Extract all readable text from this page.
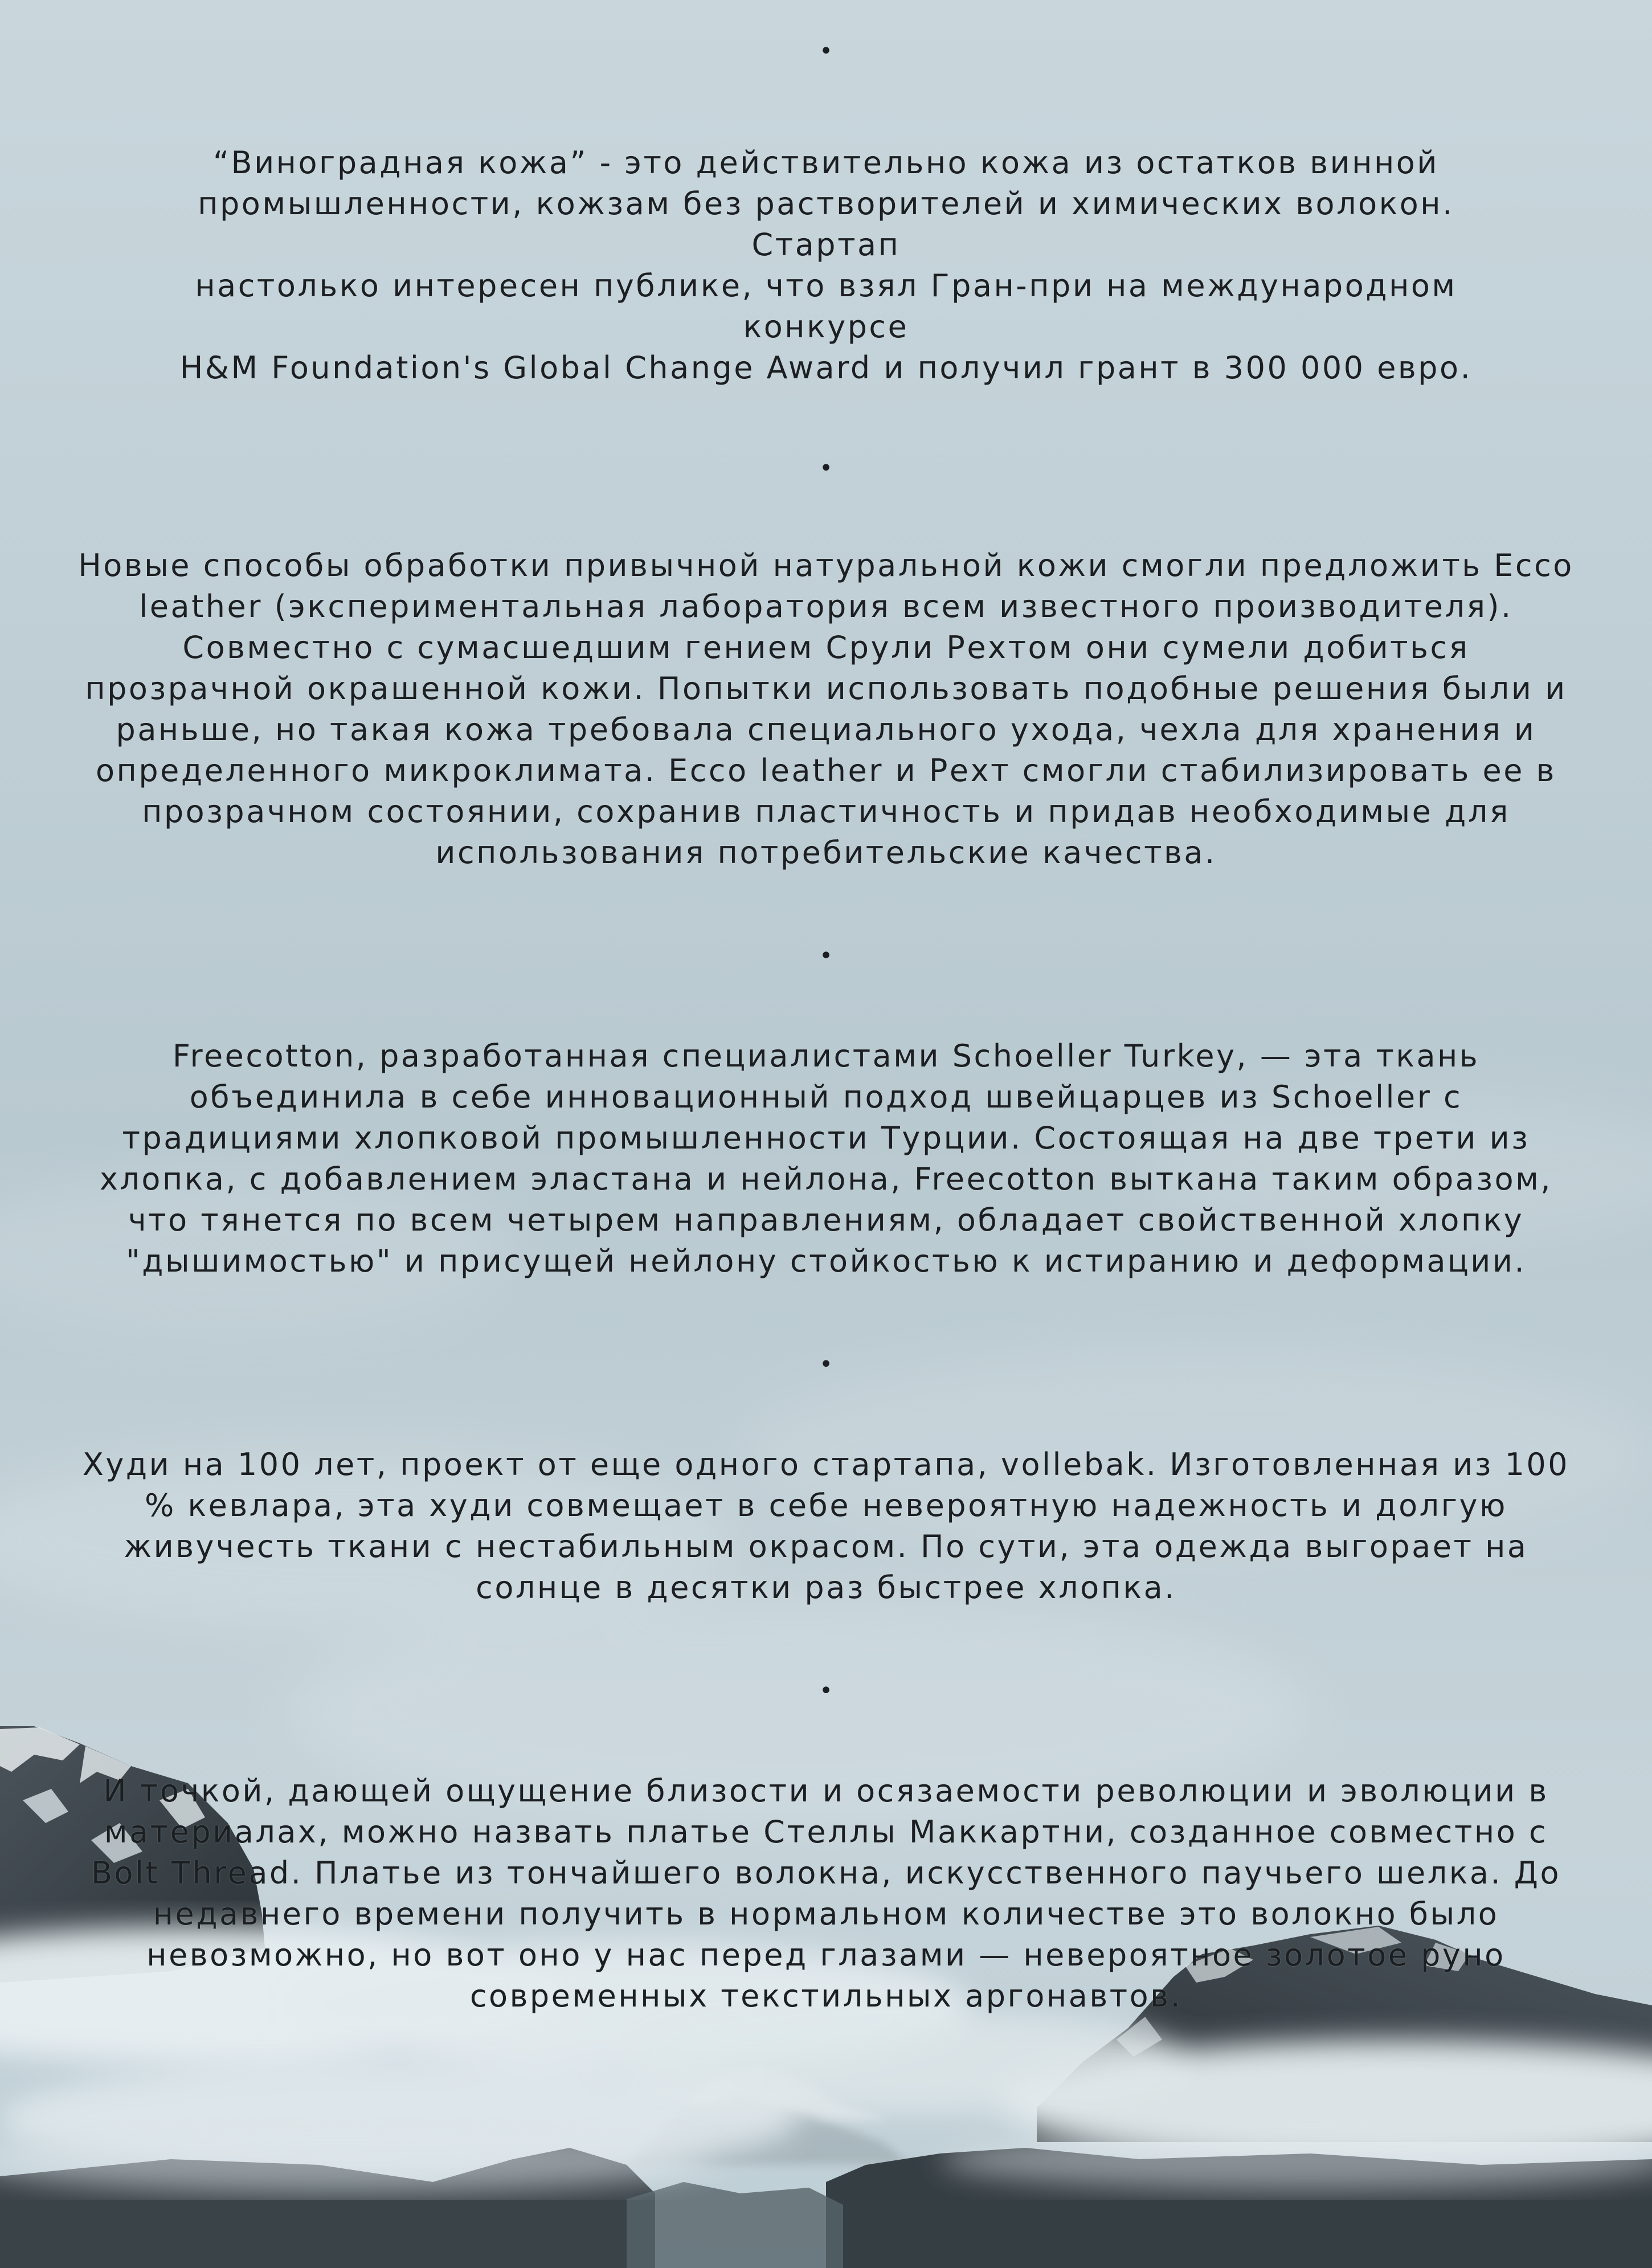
•

“Виноградная кожа” - это действительно кожа из остатков винной
промышленности, кожзам без растворителей и химических волокон. Стартап
настолько интересен публике, что взял Гран-при на международном конкурсе
H&M Foundation's Global Change Award и получил грант в 300 000 евро.

•

Новые способы обработки привычной натуральной кожи смогли предложить Ecco
leather (экспериментальная лаборатория всем известного производителя).
Совместно с сумасшедшим гением Срули Рехтом они сумели добиться
прозрачной окрашенной кожи. Попытки использовать подобные решения были и
раньше, но такая кожа требовала специального ухода, чехла для хранения и
определенного микроклимата. Ecco leather и Рехт смогли стабилизировать ее в
прозрачном состоянии, сохранив пластичность и придав необходимые для
использования потребительские качества.

•

Freecotton, разработанная специалистами Schoeller Turkey, — эта ткань
объединила в себе инновационный подход швейцарцев из Schoeller с
традициями хлопковой промышленности Турции. Состоящая на две трети из
хлопка, с добавлением эластана и нейлона, Freecotton выткана таким образом,
что тянется по всем четырем направлениям, обладает свойственной хлопку
"дышимостью" и присущей нейлону стойкостью к истиранию и деформации.

•

Худи на 100 лет, проект от еще одного стартапа, vollebak. Изготовленная из 100
% кевлара, эта худи совмещает в себе невероятную надежность и долгую
живучесть ткани с нестабильным окрасом. По сути, эта одежда выгорает на
солнце в десятки раз быстрее хлопка.

•

И точкой, дающей ощущение близости и осязаемости революции и эволюции в
материалах, можно назвать платье Стеллы Маккартни, созданное совместно с
Bolt Thread. Платье из тончайшего волокна, искусственного паучьего шелка. До
недавнего времени получить в нормальном количестве это волокно было
невозможно, но вот оно у нас перед глазами — невероятное золотое руно
современных текстильных аргонавтов.
